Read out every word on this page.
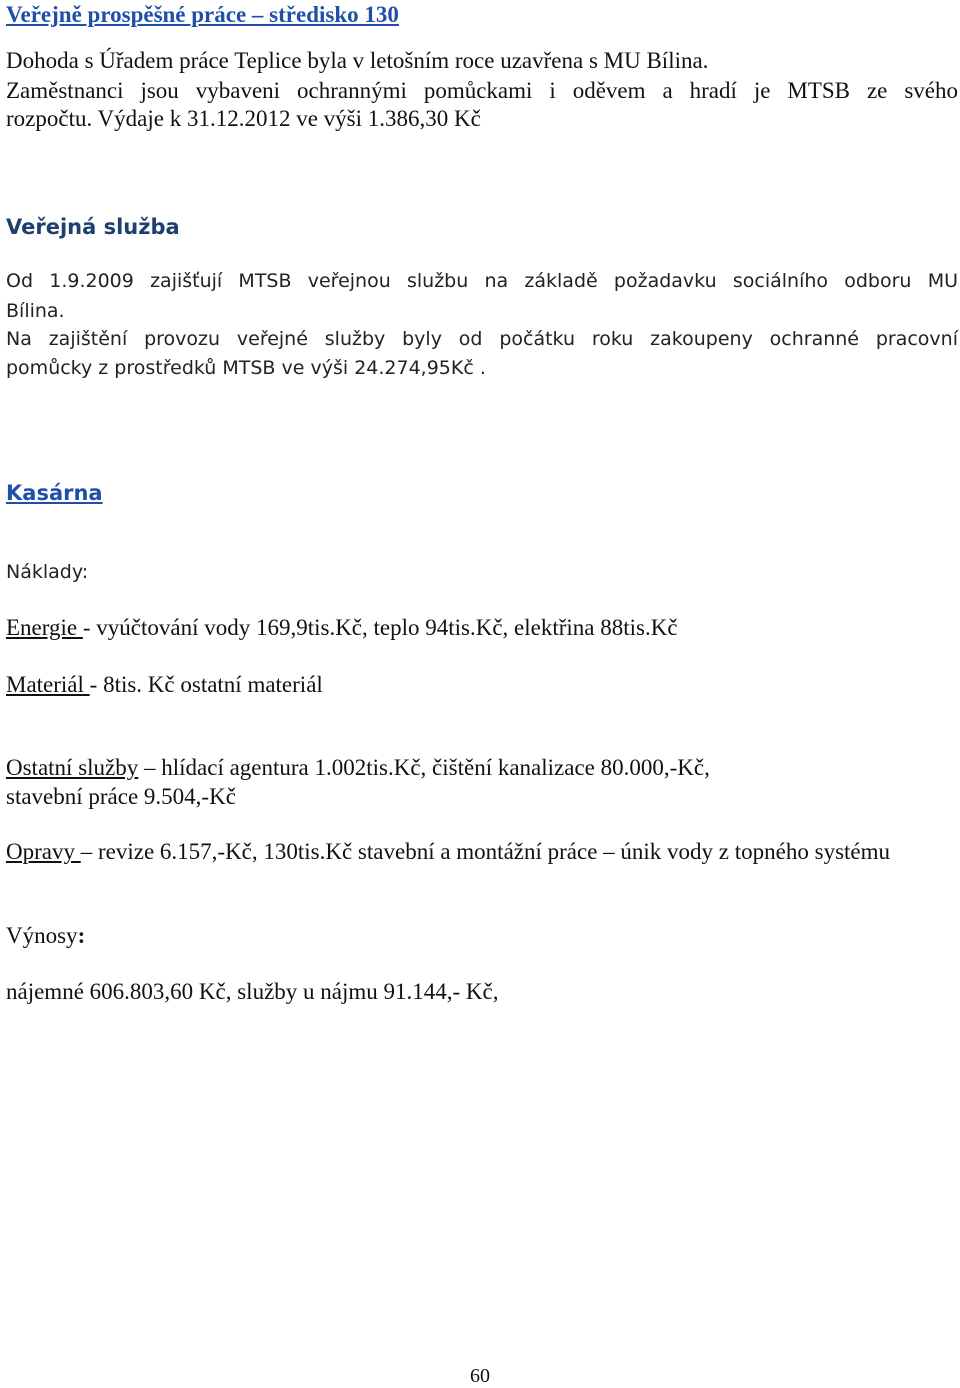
Veřejně prospěšné práce – středisko 130
Dohoda s Úřadem práce Teplice byla v letošním roce uzavřena s MU Bílina.
Zaměstnanci jsou vybaveni ochrannými pomůckami i oděvem a hradí je MTSB ze svého
rozpočtu. Výdaje k 31.12.2012 ve výši 1.386,30 Kč
Veřejná služba
Od 1.9.2009 zajišťují MTSB veřejnou službu na základě požadavku sociálního odboru MU
Bílina.
Na zajištění provozu veřejné služby byly od počátku roku zakoupeny ochranné pracovní
pomůcky z prostředků MTSB ve výši 24.274,95Kč .
Kasárna
Náklady:
Energie - vyúčtování vody 169,9tis.Kč, teplo 94tis.Kč, elektřina 88tis.Kč
Materiál - 8tis. Kč ostatní materiál
Ostatní služby – hlídací agentura 1.002tis.Kč, čištění kanalizace 80.000,-Kč,
stavební práce 9.504,-Kč
Opravy – revize 6.157,-Kč, 130tis.Kč stavební a montážní práce – únik vody z topného systému
Výnosy:
nájemné 606.803,60 Kč, služby u nájmu 91.144,- Kč,
60
